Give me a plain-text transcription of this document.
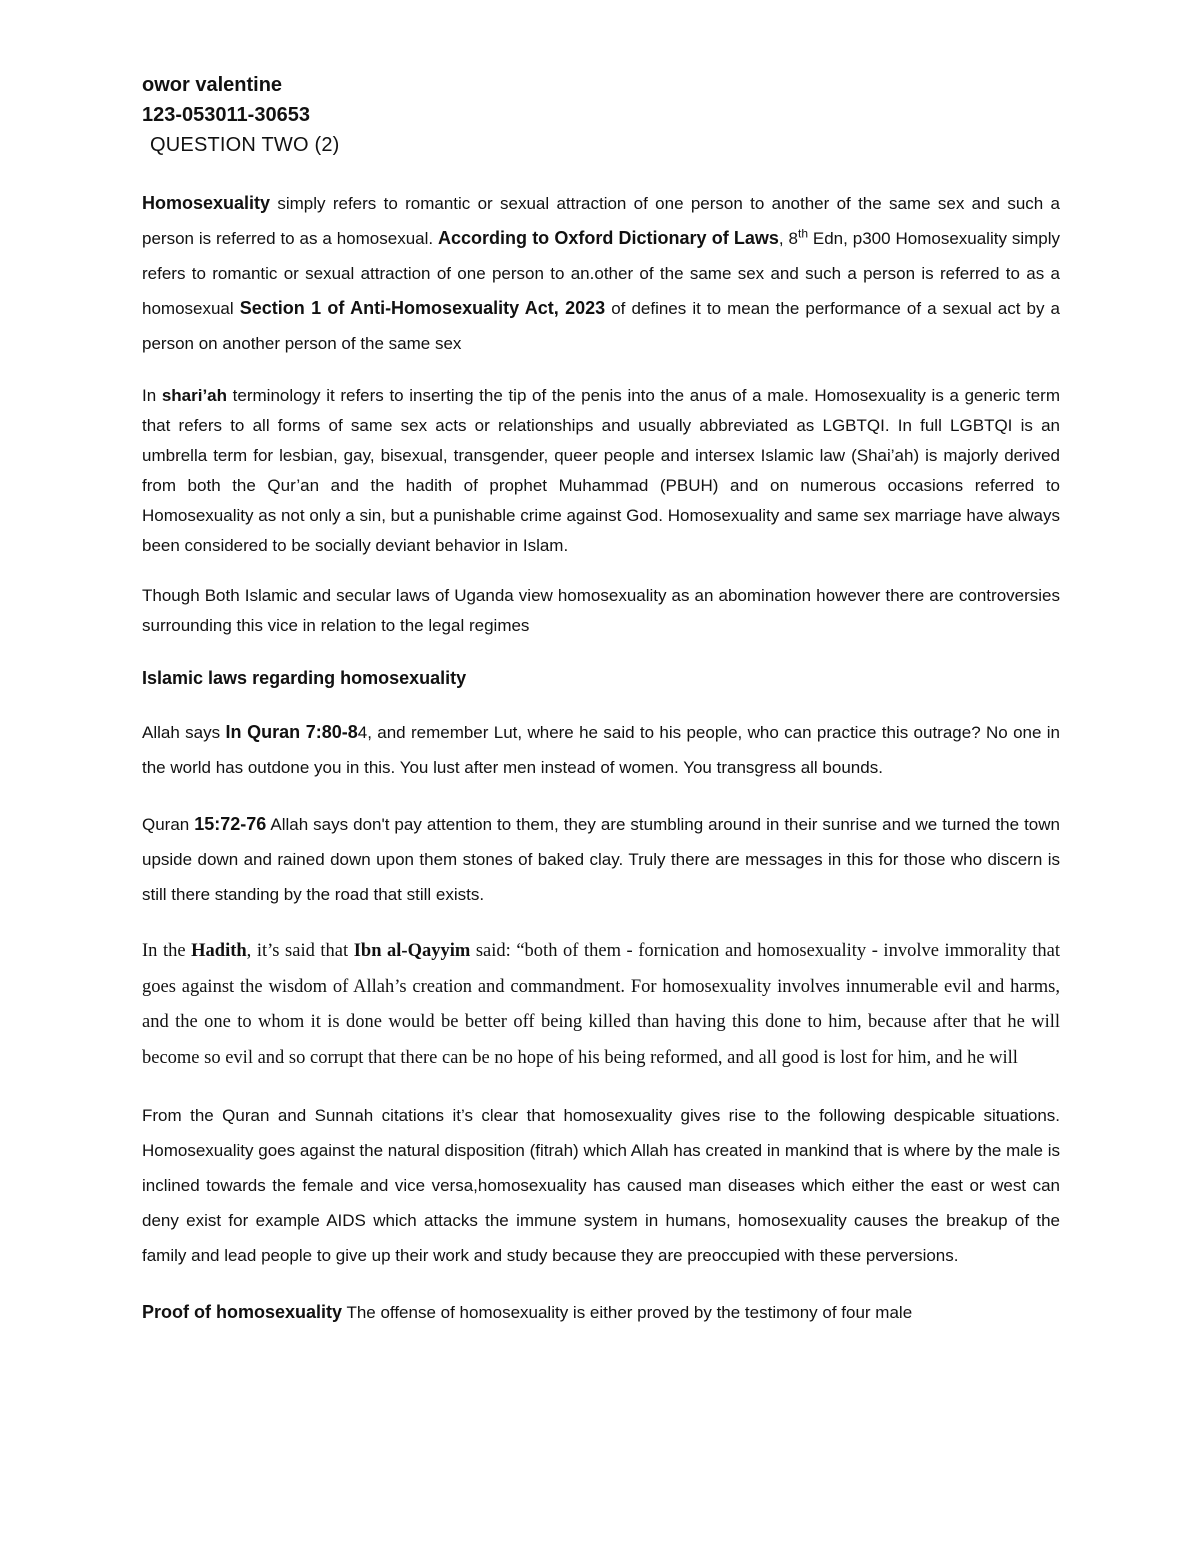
owor valentine

123-053011-30653

QUESTION TWO (2)

Homosexuality simply refers to romantic or sexual attraction of one person to another of the same sex and such a person is referred to as a homosexual. According to Oxford Dictionary of Laws, 8th Edn, p300 Homosexuality simply refers to romantic or sexual attraction of one person to an.other of the same sex and such a person is referred to as a homosexual Section 1 of Anti-Homosexuality Act, 2023 of defines it to mean the performance of a sexual act by a person on another person of the same sex

In shari’ah terminology it refers to inserting the tip of the penis into the anus of a male. Homosexuality is a generic term that refers to all forms of same sex acts or relationships and usually abbreviated as LGBTQI. In full LGBTQI is an umbrella term for lesbian, gay, bisexual, transgender, queer people and intersex Islamic law (Shai’ah) is majorly derived from both the Qur’an and the hadith of prophet Muhammad (PBUH) and on numerous occasions referred to Homosexuality as not only a sin, but a punishable crime against God. Homosexuality and same sex marriage have always been considered to be socially deviant behavior in Islam.

Though Both Islamic and secular laws of Uganda view homosexuality as an abomination however there are controversies surrounding this vice in relation to the legal regimes

Islamic laws regarding homosexuality

Allah says In Quran 7:80-84, and remember Lut, where he said to his people, who can practice this outrage? No one in the world has outdone you in this. You lust after men instead of women. You transgress all bounds.

Quran 15:72-76 Allah says don't pay attention to them, they are stumbling around in their sunrise and we turned the town upside down and rained down upon them stones of baked clay. Truly there are messages in this for those who discern is still there standing by the road that still exists.

In the Hadith, it’s said that Ibn al-Qayyim said: “both of them - fornication and homosexuality - involve immorality that goes against the wisdom of Allah’s creation and commandment. For homosexuality involves innumerable evil and harms, and the one to whom it is done would be better off being killed than having this done to him, because after that he will become so evil and so corrupt that there can be no hope of his being reformed, and all good is lost for him, and he will

From the Quran and Sunnah citations it’s clear that homosexuality gives rise to the following despicable situations. Homosexuality goes against the natural disposition (fitrah) which Allah has created in mankind that is where by the male is inclined towards the female and vice versa,homosexuality has caused man diseases which either the east or west can deny exist for example AIDS which attacks the immune system in humans, homosexuality causes the breakup of the family and lead people to give up their work and study because they are preoccupied with these perversions.

Proof of homosexuality The offense of homosexuality is either proved by the testimony of four male
